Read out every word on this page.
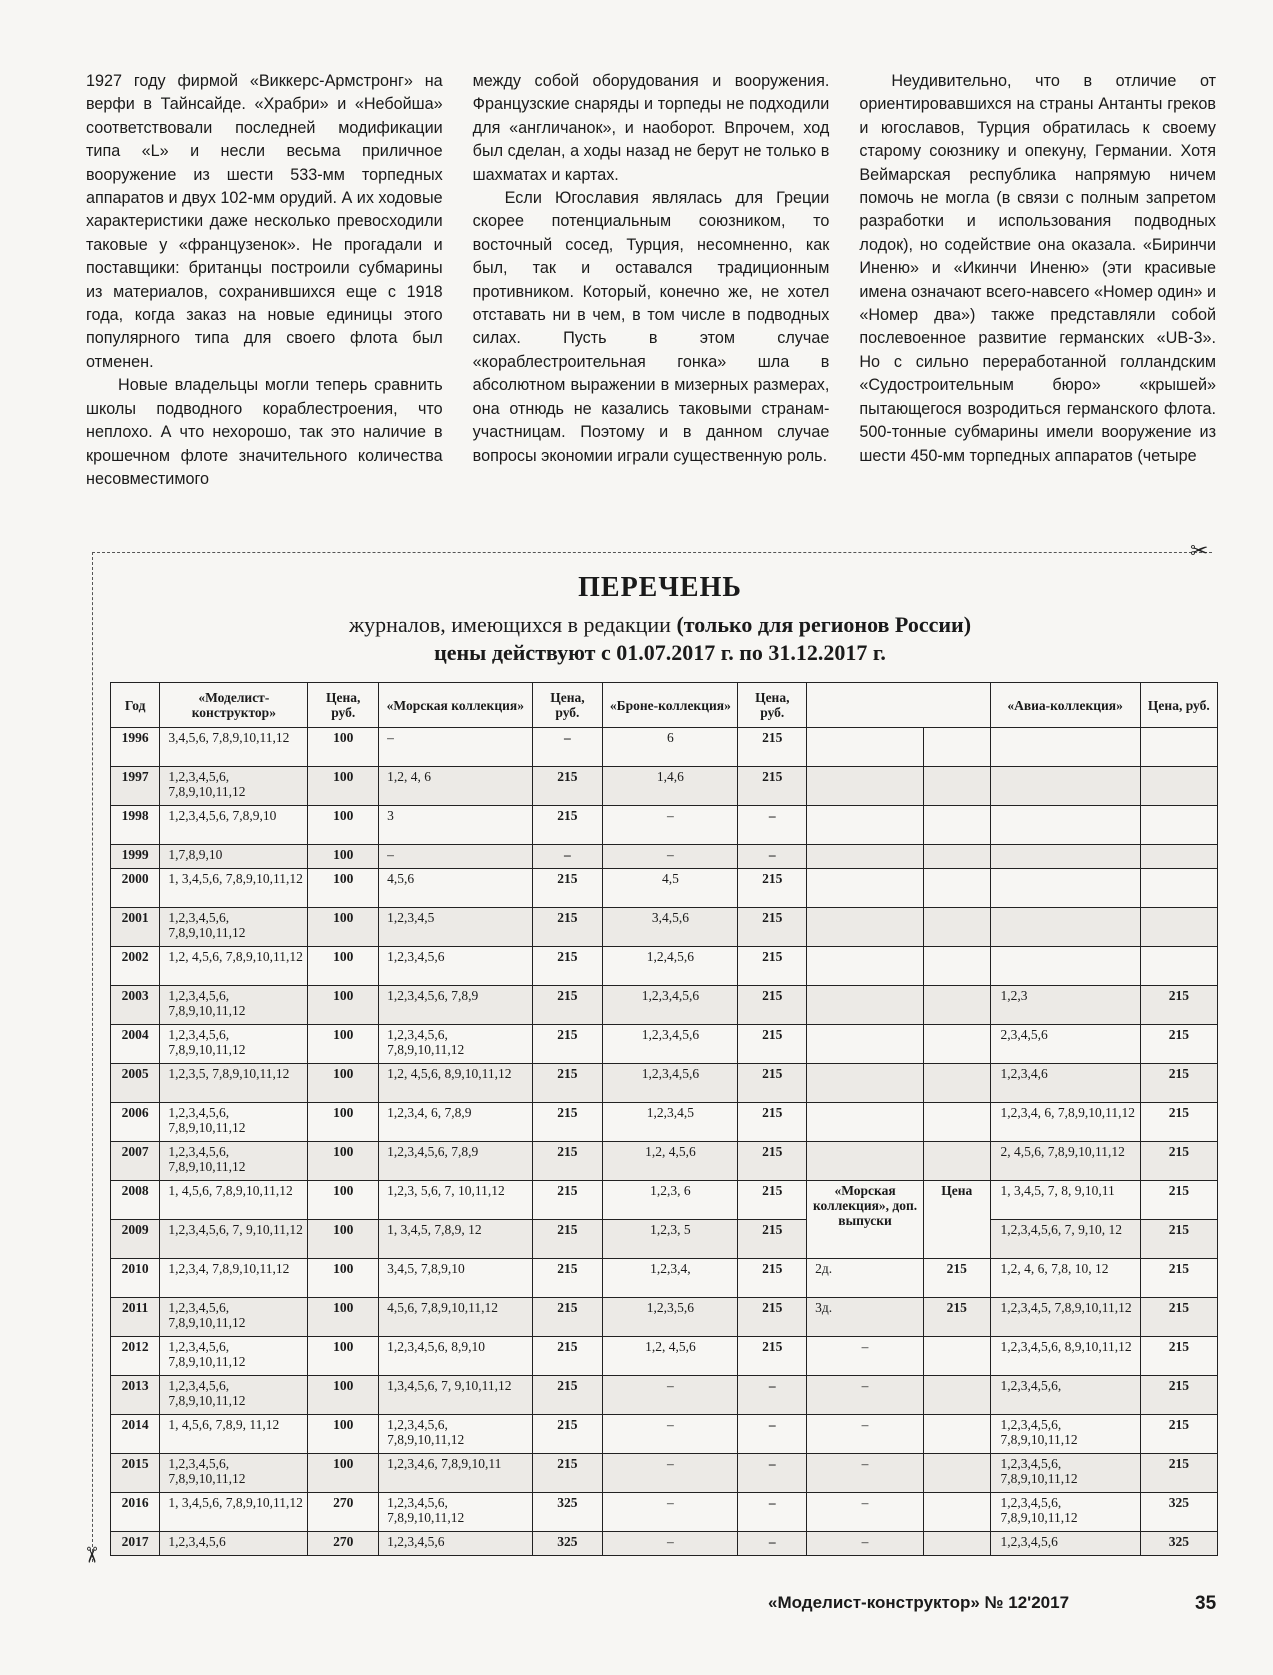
1927 году фирмой «Виккерс-Армстронг» на верфи в Тайнсайде. «Храбри» и «Небойша» соответствовали последней модификации типа «L» и несли весьма приличное вооружение из шести 533-мм торпедных аппаратов и двух 102-мм орудий. А их ходовые характеристики даже несколько превосходили таковые у «французенок». Не прогадали и поставщики: британцы построили субмарины из материалов, сохранившихся еще с 1918 года, когда заказ на новые единицы этого популярного типа для своего флота был отменен.

Новые владельцы могли теперь сравнить школы подводного кораблестроения, что неплохо. А что нехорошо, так это наличие в крошечном флоте значительного количества несовместимого

между собой оборудования и вооружения. Французские снаряды и торпеды не подходили для «англичанок», и наоборот. Впрочем, ход был сделан, а ходы назад не берут не только в шахматах и картах.

Если Югославия являлась для Греции скорее потенциальным союзником, то восточный сосед, Турция, несомненно, как был, так и оставался традиционным противником. Который, конечно же, не хотел отставать ни в чем, в том числе в подводных силах. Пусть в этом случае «кораблестроительная гонка» шла в абсолютном выражении в мизерных размерах, она отнюдь не казались таковыми странам-участницам. Поэтому и в данном случае вопросы экономии играли существенную роль.

Неудивительно, что в отличие от ориентировавшихся на страны Антанты греков и югославов, Турция обратилась к своему старому союзнику и опекуну, Германии. Хотя Веймарская республика напрямую ничем помочь не могла (в связи с полным запретом разработки и использования подводных лодок), но содействие она оказала. «Биринчи Иненю» и «Икинчи Иненю» (эти красивые имена означают всего-навсего «Номер один» и «Номер два») также представляли собой послевоенное развитие германских «UB-3». Но с сильно переработанной голландским «Судостроительным бюро» «крышей» пытающегося возродиться германского флота. 500-тонные субмарины имели вооружение из шести 450-мм торпедных аппаратов (четыре

✂
✂
ПЕРЕЧЕНЬ
журналов, имеющихся в редакции (только для регионов России)
цены действуют с 01.07.2017 г. по 31.12.2017 г.
Год	«Моделист-конструктор»	Цена, руб.	«Морская коллекция»	Цена, руб.	«Броне-коллекция»	Цена, руб.			«Авиа-коллекция»	Цена, руб.
1996	3,4,5,6, 7,8,9,10,11,12	100	–	–	6	215				
1997	1,2,3,4,5,6, 7,8,9,10,11,12	100	1,2, 4, 6	215	1,4,6	215				
1998	1,2,3,4,5,6, 7,8,9,10	100	3	215	–	–				
1999	1,7,8,9,10	100	–	–	–	–				
2000	1, 3,4,5,6, 7,8,9,10,11,12	100	4,5,6	215	4,5	215				
2001	1,2,3,4,5,6, 7,8,9,10,11,12	100	1,2,3,4,5	215	3,4,5,6	215				
2002	1,2, 4,5,6, 7,8,9,10,11,12	100	1,2,3,4,5,6	215	1,2,4,5,6	215				
2003	1,2,3,4,5,6, 7,8,9,10,11,12	100	1,2,3,4,5,6, 7,8,9	215	1,2,3,4,5,6	215			1,2,3	215
2004	1,2,3,4,5,6, 7,8,9,10,11,12	100	1,2,3,4,5,6, 7,8,9,10,11,12	215	1,2,3,4,5,6	215			2,3,4,5,6	215
2005	1,2,3,5, 7,8,9,10,11,12	100	1,2, 4,5,6, 8,9,10,11,12	215	1,2,3,4,5,6	215			1,2,3,4,6	215
2006	1,2,3,4,5,6, 7,8,9,10,11,12	100	1,2,3,4, 6, 7,8,9	215	1,2,3,4,5	215			1,2,3,4, 6, 7,8,9,10,11,12	215
2007	1,2,3,4,5,6, 7,8,9,10,11,12	100	1,2,3,4,5,6, 7,8,9	215	1,2, 4,5,6	215			2, 4,5,6, 7,8,9,10,11,12	215
2008	1, 4,5,6, 7,8,9,10,11,12	100	1,2,3, 5,6, 7, 10,11,12	215	1,2,3, 6	215	«Морская коллекция», доп. выпуски	Цена	1, 3,4,5, 7, 8, 9,10,11	215
2009	1,2,3,4,5,6, 7, 9,10,11,12	100	1, 3,4,5, 7,8,9, 12	215	1,2,3, 5	215			1,2,3,4,5,6, 7, 9,10, 12	215
2010	1,2,3,4, 7,8,9,10,11,12	100	3,4,5, 7,8,9,10	215	1,2,3,4,	215	2д.	215	1,2, 4, 6, 7,8, 10, 12	215
2011	1,2,3,4,5,6, 7,8,9,10,11,12	100	4,5,6, 7,8,9,10,11,12	215	1,2,3,5,6	215	3д.	215	1,2,3,4,5, 7,8,9,10,11,12	215
2012	1,2,3,4,5,6, 7,8,9,10,11,12	100	1,2,3,4,5,6, 8,9,10	215	1,2, 4,5,6	215	–		1,2,3,4,5,6, 8,9,10,11,12	215
2013	1,2,3,4,5,6, 7,8,9,10,11,12	100	1,3,4,5,6, 7, 9,10,11,12	215	–	–	–		1,2,3,4,5,6,	215
2014	1, 4,5,6, 7,8,9, 11,12	100	1,2,3,4,5,6, 7,8,9,10,11,12	215	–	–	–		1,2,3,4,5,6, 7,8,9,10,11,12	215
2015	1,2,3,4,5,6, 7,8,9,10,11,12	100	1,2,3,4,6, 7,8,9,10,11	215	–	–	–		1,2,3,4,5,6, 7,8,9,10,11,12	215
2016	1, 3,4,5,6, 7,8,9,10,11,12	270	1,2,3,4,5,6, 7,8,9,10,11,12	325	–	–	–		1,2,3,4,5,6, 7,8,9,10,11,12	325
2017	1,2,3,4,5,6	270	1,2,3,4,5,6	325	–	–	–		1,2,3,4,5,6	325
«Моделист-конструктор» № 12'2017	35
